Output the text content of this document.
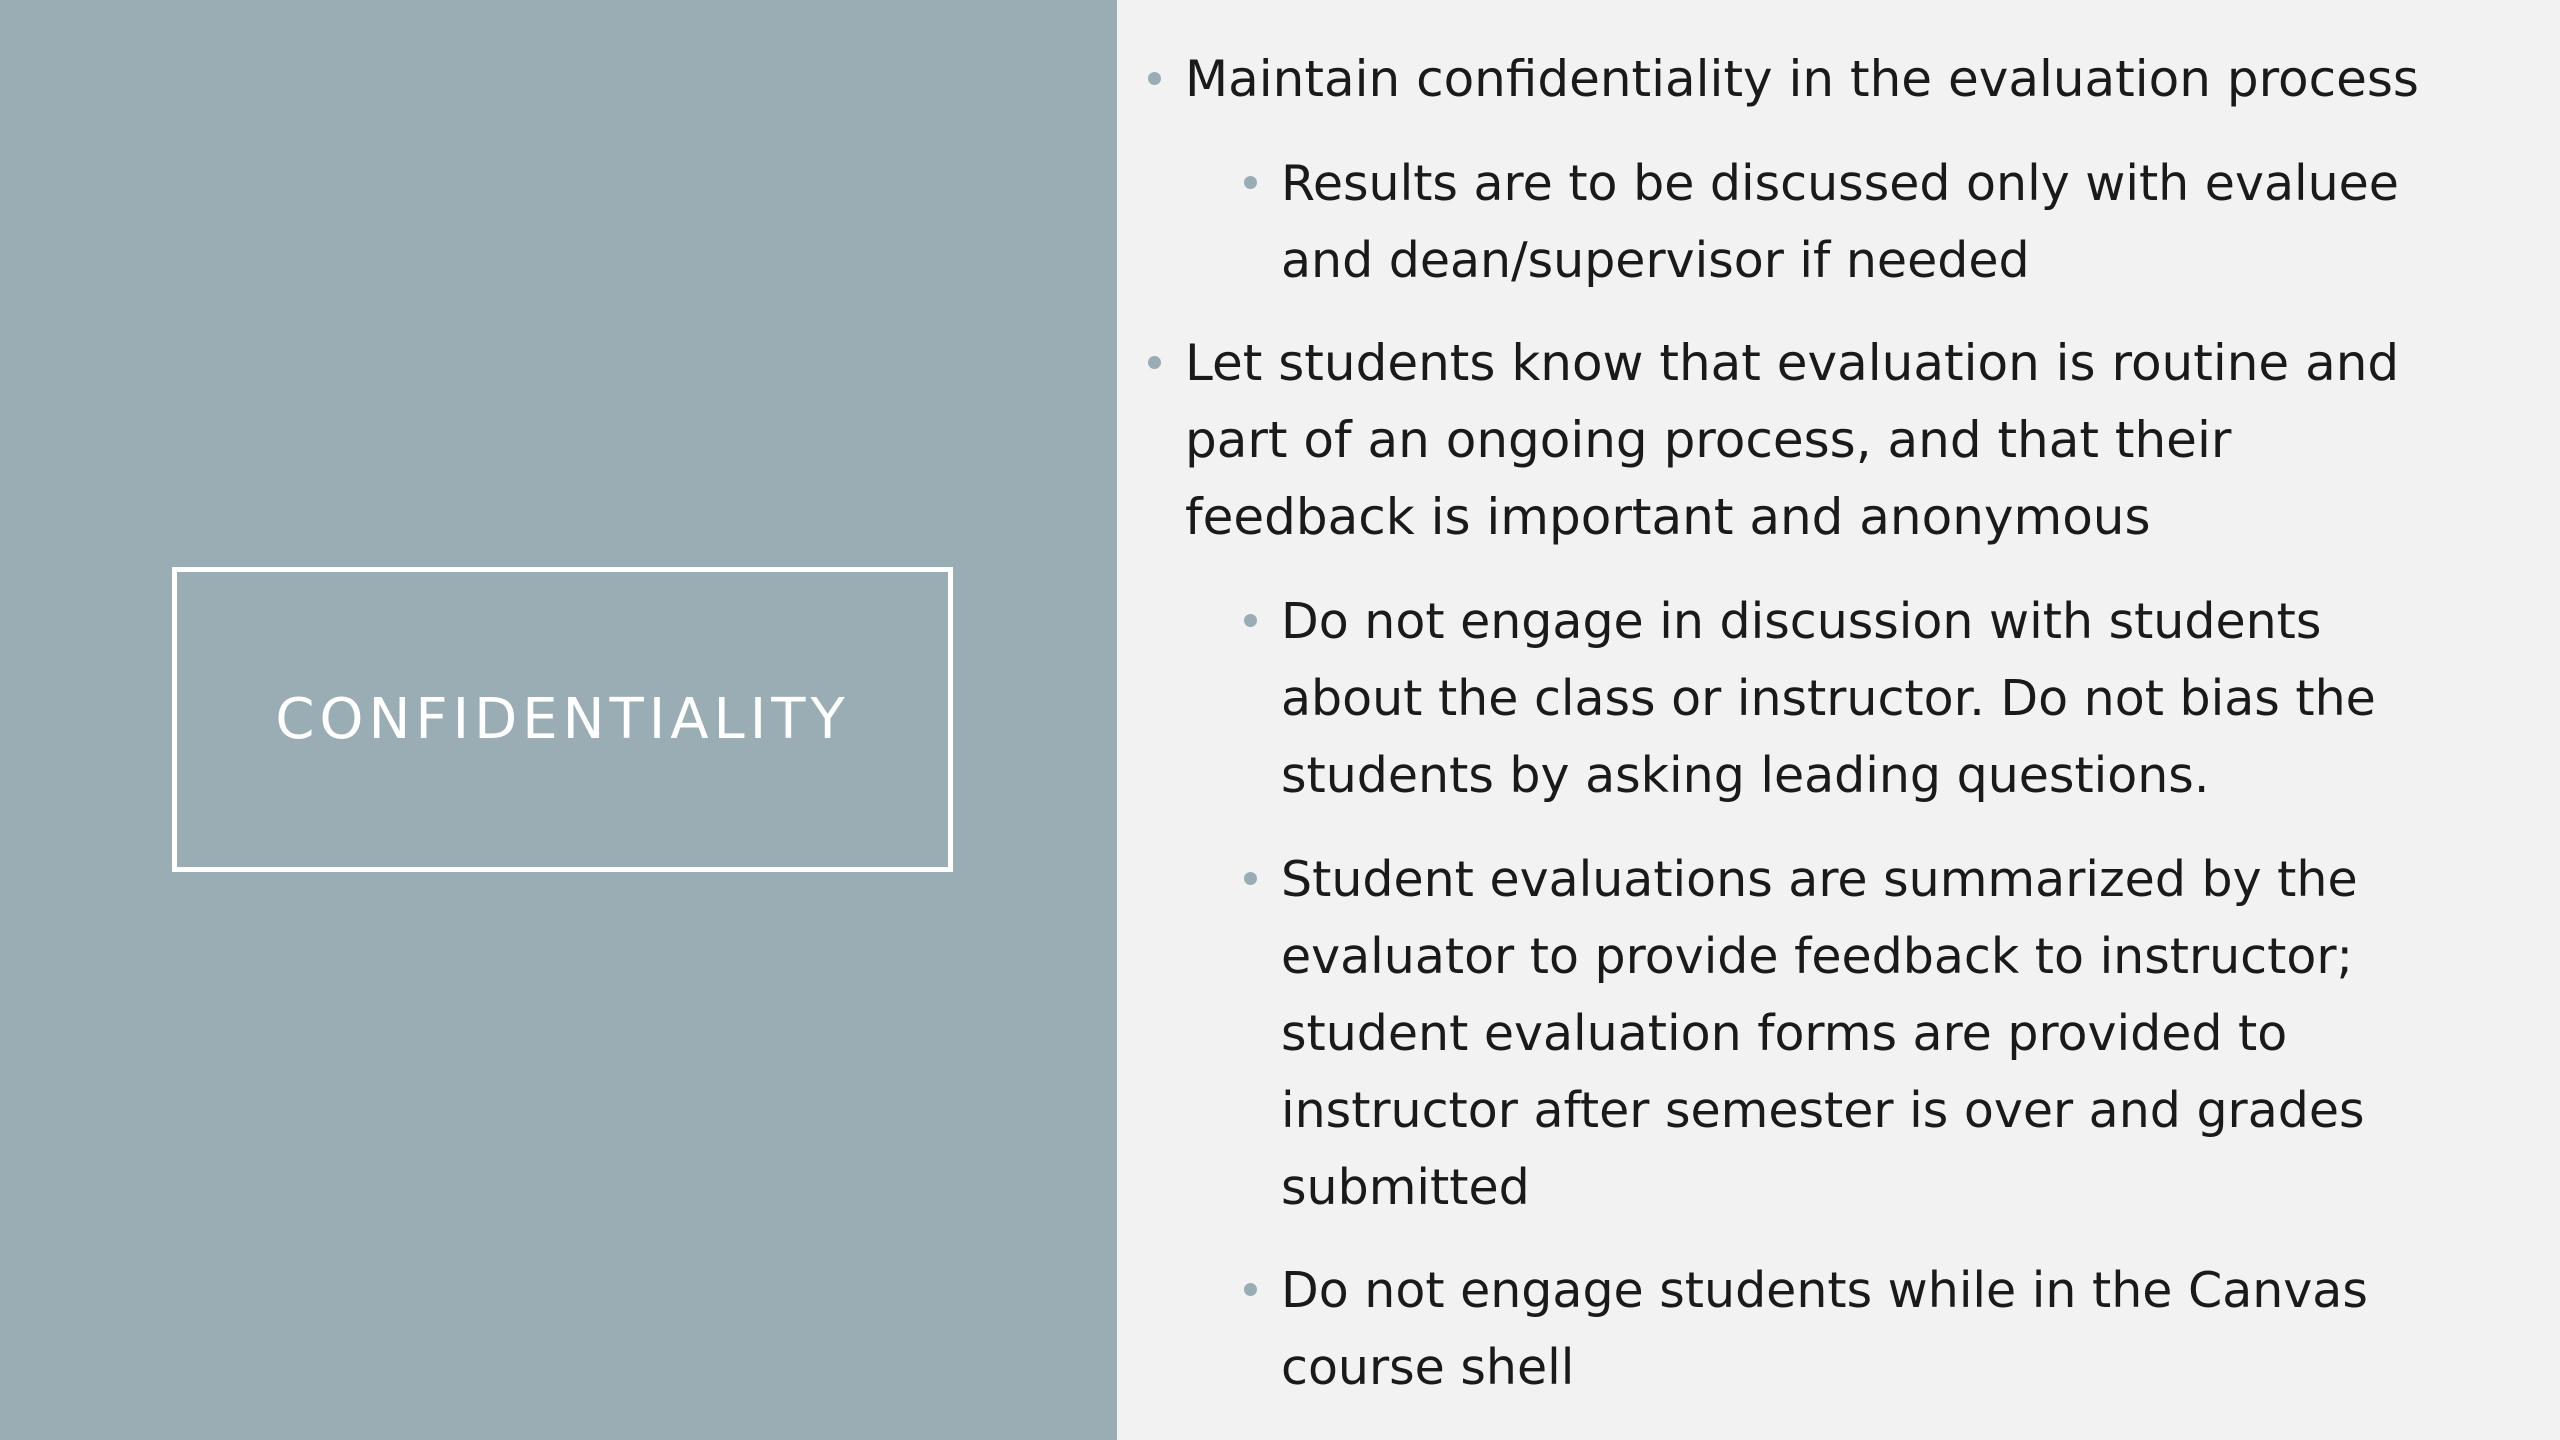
CONFIDENTIALITY
Maintain confidentiality in the evaluation process
Results are to be discussed only with evaluee
and dean/supervisor if needed
Let students know that evaluation is routine and
part of an ongoing process, and that their
feedback is important and anonymous
Do not engage in discussion with students
about the class or instructor. Do not bias the
students by asking leading questions.
Student evaluations are summarized by the
evaluator to provide feedback to instructor;
student evaluation forms are provided to
instructor after semester is over and grades
submitted
Do not engage students while in the Canvas
course shell
